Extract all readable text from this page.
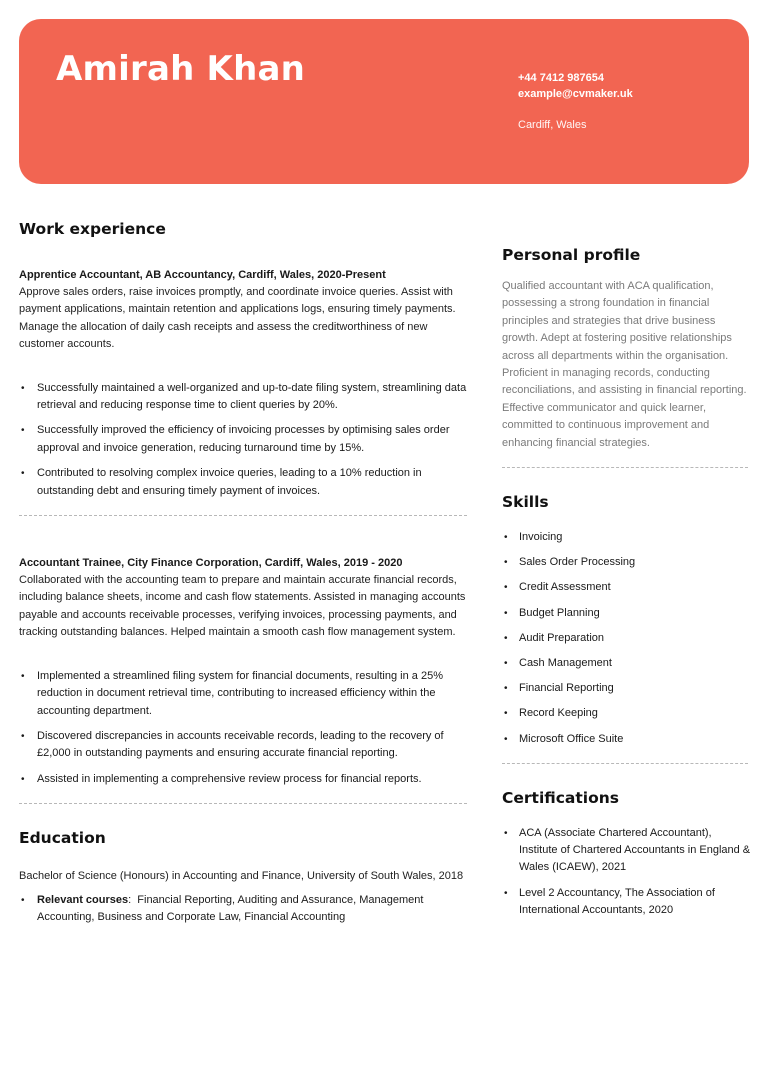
Amirah Khan	+44 7412 987654
example@cvmaker.uk
Cardiff, Wales
Work experience
Apprentice Accountant, AB Accountancy, Cardiff, Wales, 2020-Present
Approve sales orders, raise invoices promptly, and coordinate invoice queries. Assist with payment applications, maintain retention and applications logs, ensuring timely payments. Manage the allocation of daily cash receipts and assess the creditworthiness of new customer accounts.
• Successfully maintained a well-organized and up-to-date filing system, streamlining data retrieval and reducing response time to client queries by 20%.
• Successfully improved the efficiency of invoicing processes by optimising sales order approval and invoice generation, reducing turnaround time by 15%.
• Contributed to resolving complex invoice queries, leading to a 10% reduction in outstanding debt and ensuring timely payment of invoices.
Accountant Trainee, City Finance Corporation, Cardiff, Wales, 2019 - 2020
Collaborated with the accounting team to prepare and maintain accurate financial records, including balance sheets, income and cash flow statements. Assisted in managing accounts payable and accounts receivable processes, verifying invoices, processing payments, and tracking outstanding balances. Helped maintain a smooth cash flow management system.
• Implemented a streamlined filing system for financial documents, resulting in a 25% reduction in document retrieval time, contributing to increased efficiency within the accounting department.
• Discovered discrepancies in accounts receivable records, leading to the recovery of £2,000 in outstanding payments and ensuring accurate financial reporting.
• Assisted in implementing a comprehensive review process for financial reports.
Education
Bachelor of Science (Honours) in Accounting and Finance, University of South Wales, 2018
• Relevant courses:  Financial Reporting, Auditing and Assurance, Management Accounting, Business and Corporate Law, Financial Accounting
Personal profile
Qualified accountant with ACA qualification, possessing a strong foundation in financial principles and strategies that drive business growth. Adept at fostering positive relationships across all departments within the organisation. Proficient in managing records, conducting reconciliations, and assisting in financial reporting. Effective communicator and quick learner, committed to continuous improvement and enhancing financial strategies.
Skills
• Invoicing
• Sales Order Processing
• Credit Assessment
• Budget Planning
• Audit Preparation
• Cash Management
• Financial Reporting
• Record Keeping
• Microsoft Office Suite
Certifications
• ACA (Associate Chartered Accountant), Institute of Chartered Accountants in England & Wales (ICAEW), 2021
• Level 2 Accountancy, The Association of International Accountants, 2020
